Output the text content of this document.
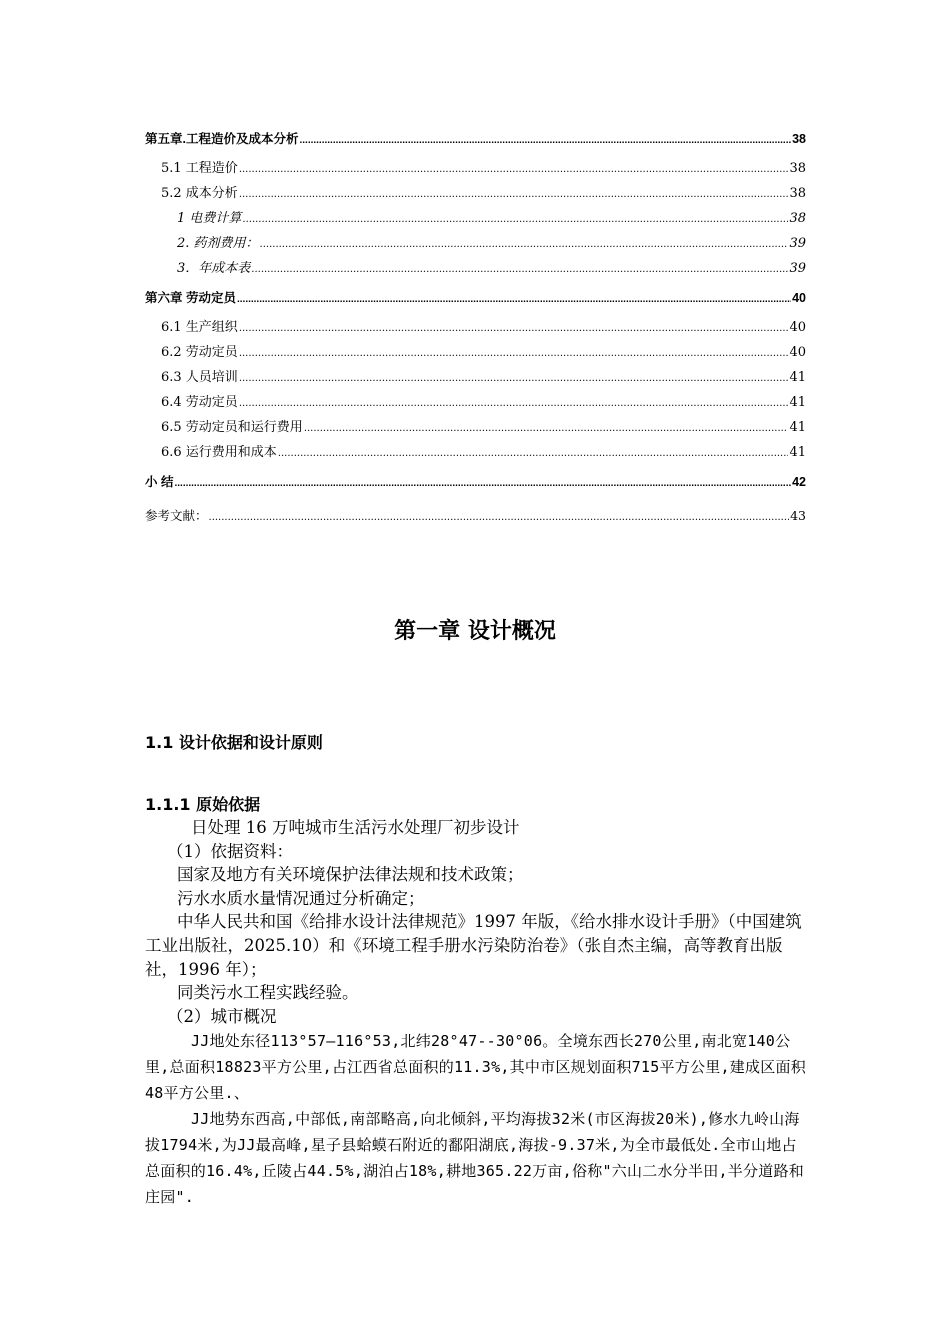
第五章.工程造价及成本分析 .....	38
5.1 工程造价 .....	38
5.2 成本分析 .....	38
1 电费计算 .....	38
2. 药剂费用： .....	39
3．年成本表 .....	39
第六章 劳动定员 .....	40
6.1 生产组织 .....	40
6.2 劳动定员 .....	40
6.3 人员培训 .....	41
6.4 劳动定员 .....	41
6.5 劳动定员和运行费用 .....	41
6.6 运行费用和成本 .....	41
小 结 .....	42
参考文献： .....	43
第一章 设计概况
1.1 设计依据和设计原则
1.1.1 原始依据

日处理 16 万吨城市生活污水处理厂初步设计

（1）依据资料：

国家及地方有关环境保护法律法规和技术政策；

污水水质水量情况通过分析确定；

中华人民共和国《给排水设计法律规范》1997 年版，《给水排水设计手册》（中国建筑工业出版社，2025.10）和《环境工程手册水污染防治卷》（张自杰主编，高等教育出版社，1996 年）；

同类污水工程实践经验。

（2）城市概况

JJ地处东径113°57—116°53,北纬28°47--30°06。全境东西长270公里,南北宽140公里,总面积18823平方公里,占江西省总面积的11.3%,其中市区规划面积715平方公里,建成区面积48平方公里.、

JJ地势东西高,中部低,南部略高,向北倾斜,平均海拔32米(市区海拔20米),修水九岭山海拔1794米,为JJ最高峰,星子县蛤蟆石附近的鄱阳湖底,海拔-9.37米,为全市最低处.全市山地占总面积的16.4%,丘陵占44.5%,湖泊占18%,耕地365.22万亩,俗称"六山二水分半田,半分道路和庄园".
